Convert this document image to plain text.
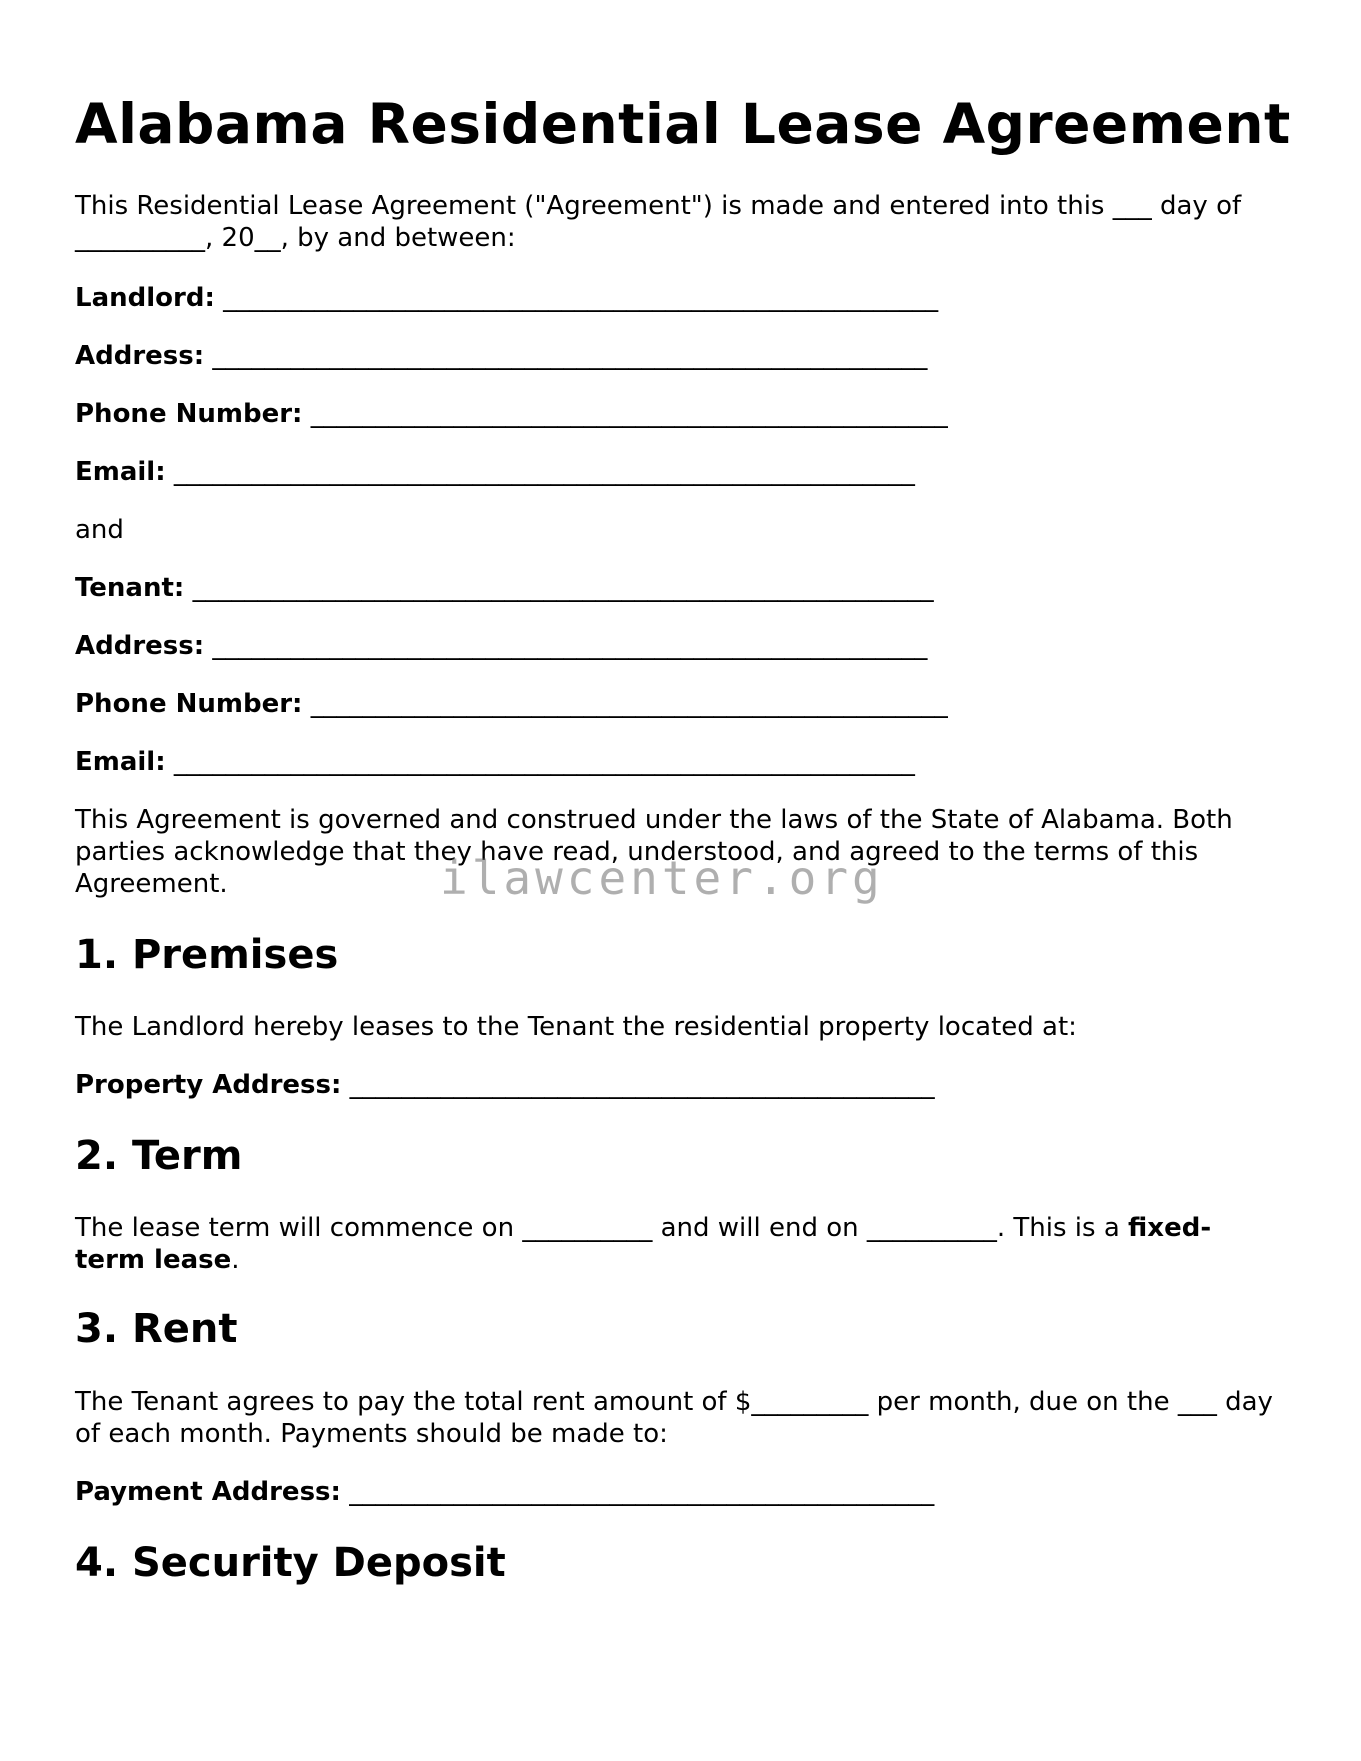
Alabama Residential Lease Agreement

This Residential Lease Agreement ("Agreement") is made and entered into this ___ day of __________, 20__, by and between:

Landlord: _______________________________________________________

Address: _______________________________________________________

Phone Number: _________________________________________________

Email: _________________________________________________________

and

Tenant: _________________________________________________________

Address: _______________________________________________________

Phone Number: _________________________________________________

Email: _________________________________________________________

This Agreement is governed and construed under the laws of the State of Alabama. Both parties acknowledge that they have read, understood, and agreed to the terms of this Agreement.

1. Premises

The Landlord hereby leases to the Tenant the residential property located at:

Property Address: _____________________________________________

2. Term

The lease term will commence on __________ and will end on __________. This is a fixed-term lease.

3. Rent

The Tenant agrees to pay the total rent amount of $_________ per month, due on the ___ day of each month. Payments should be made to:

Payment Address: _____________________________________________

4. Security Deposit
ilawcenter.org
